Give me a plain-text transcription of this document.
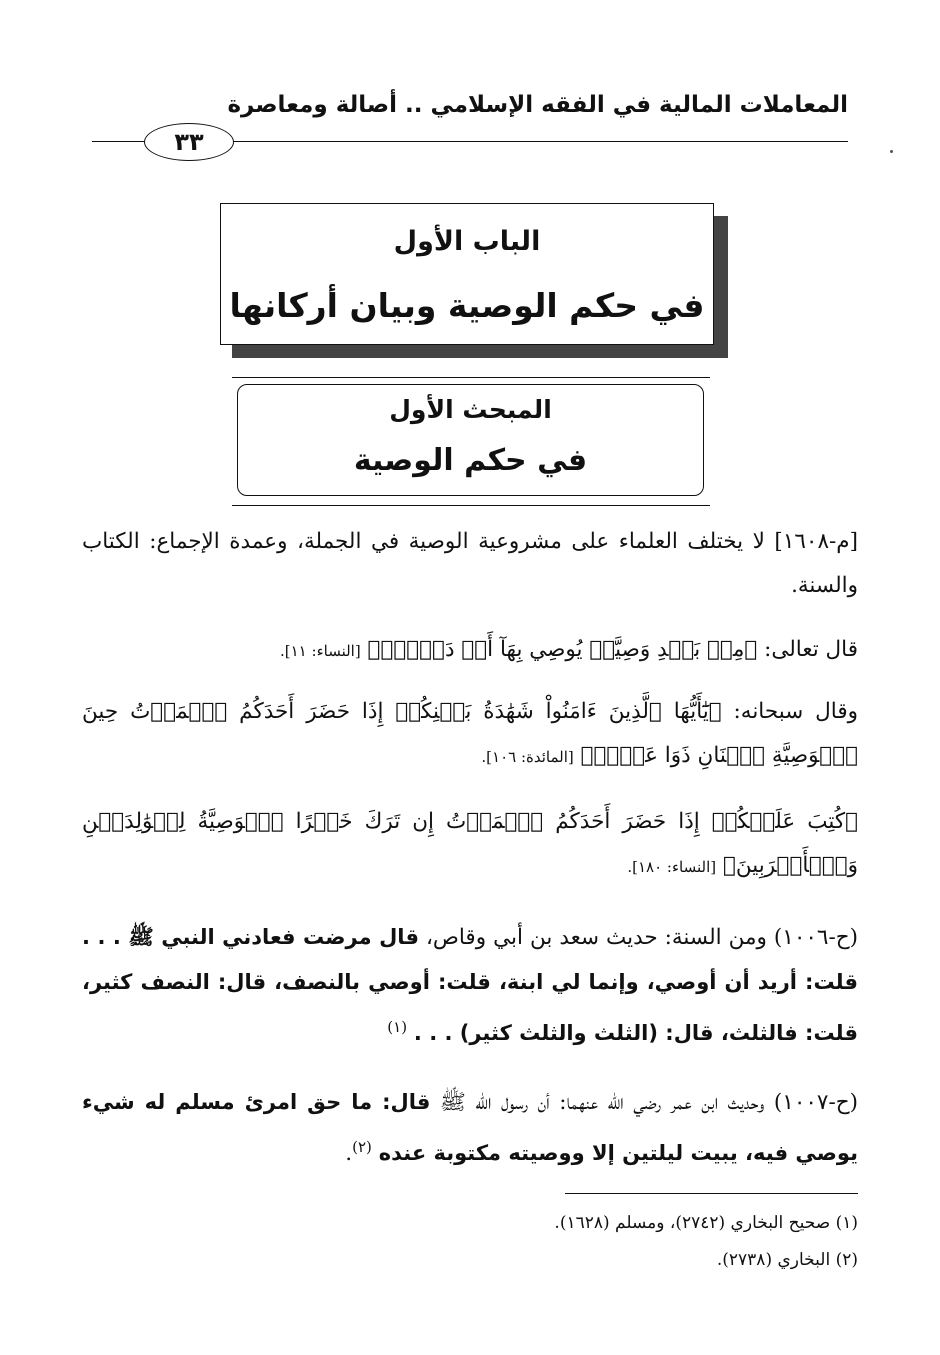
المعاملات المالية في الفقه الإسلامي .. أصالة ومعاصرة
٣٣
الباب الأول
في حكم الوصية وبيان أركانها
المبحث الأول
في حكم الوصية
[م-١٦٠٨] لا يختلف العلماء على مشروعية الوصية في الجملة، وعمدة الإجماع: الكتاب والسنة.
قال تعالى: ﴿مِنۢ بَعۡدِ وَصِيَّةٖ يُوصِي بِهَآ أَوۡ دَيۡنٍۗ﴾ [النساء: ١١].
وقال سبحانه: ﴿يَٰٓأَيُّهَا ٱلَّذِينَ ءَامَنُواْ شَهَٰدَةُ بَيۡنِكُمۡ إِذَا حَضَرَ أَحَدَكُمُ ٱلۡمَوۡتُ حِينَ ٱلۡوَصِيَّةِ ٱثۡنَانِ ذَوَا عَدۡلٖ﴾ [المائدة: ١٠٦].
﴿كُتِبَ عَلَيۡكُمۡ إِذَا حَضَرَ أَحَدَكُمُ ٱلۡمَوۡتُ إِن تَرَكَ خَيۡرًا ٱلۡوَصِيَّةُ لِلۡوَٰلِدَيۡنِ وَٱلۡأَقۡرَبِينَ﴾ [النساء: ١٨٠].
(ح-١٠٠٦) ومن السنة: حديث سعد بن أبي وقاص، قال مرضت فعادني النبي ﷺ . . . قلت: أريد أن أوصي، وإنما لي ابنة، قلت: أوصي بالنصف، قال: النصف كثير، قلت: فالثلث، قال: (الثلث والثلث كثير) . . . $^{(١)}$
(ح-١٠٠٧) وحديث ابن عمر رضي الله عنهما: أن رسول الله ﷺ قال: ما حق امرئ مسلم له شيء يوصي فيه، يبيت ليلتين إلا ووصيته مكتوبة عنده $^{(٢)}$.
(١) صحيح البخاري (٢٧٤٢)، ومسلم (١٦٢٨).
(٢) البخاري (٢٧٣٨).
